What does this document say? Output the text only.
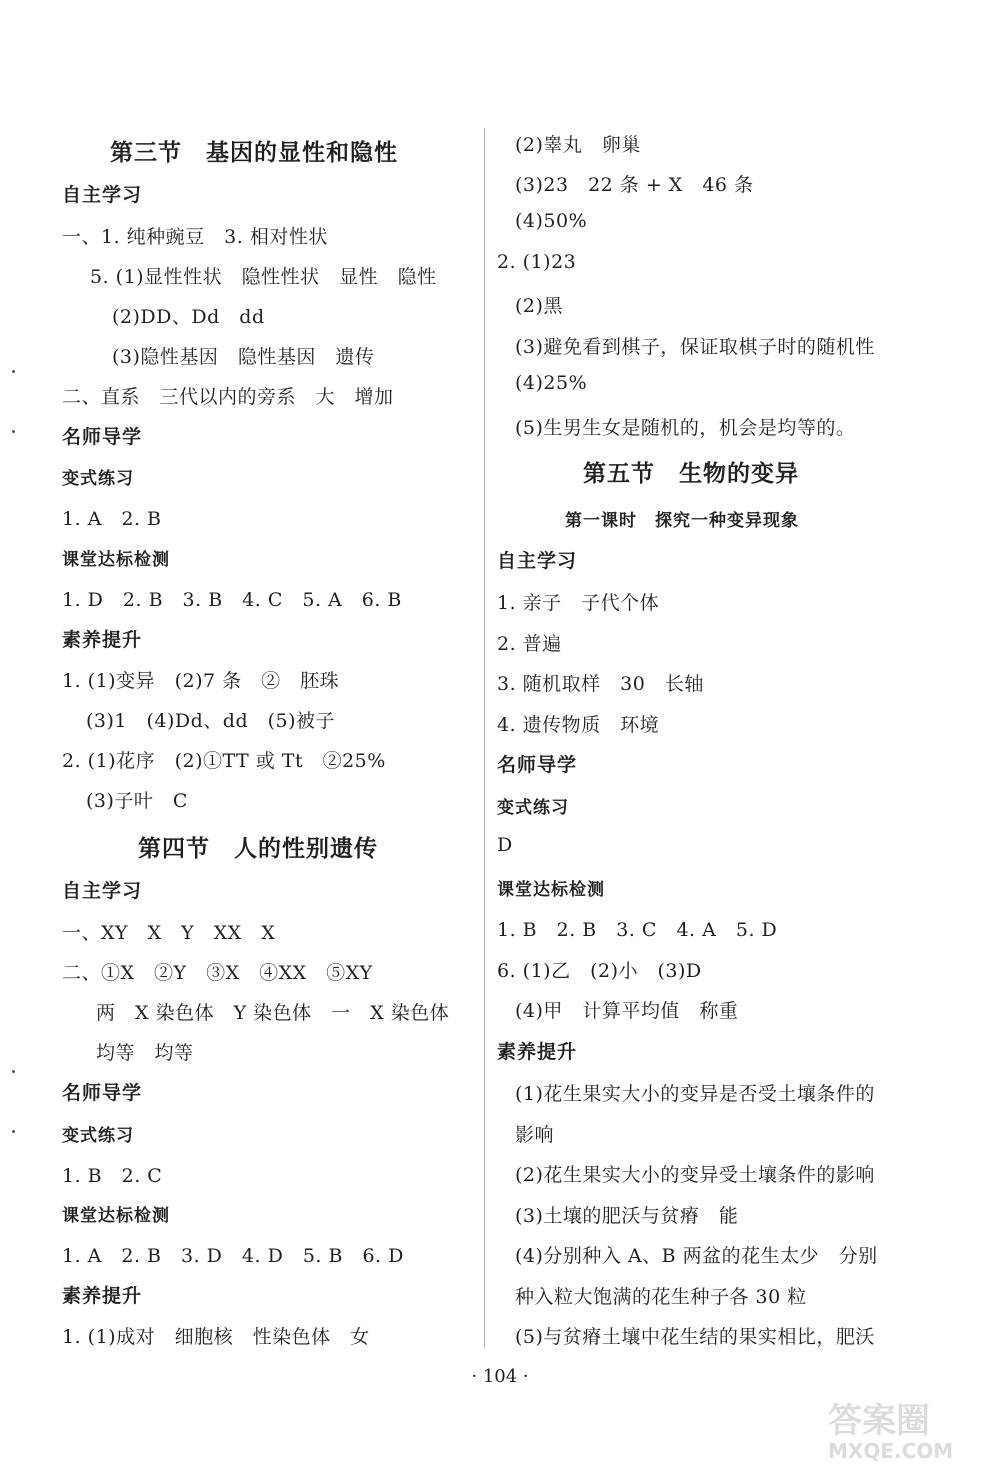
第三节　基因的显性和隐性
自主学习
一、1. 纯种豌豆　3. 相对性状
5. (1)显性性状　隐性性状　显性　隐性
(2)DD、Dd　dd
(3)隐性基因　隐性基因　遗传
二、直系　三代以内的旁系　大　增加
名师导学
变式练习
1. A　2. B
课堂达标检测
1. D　2. B　3. B　4. C　5. A　6. B
素养提升
1. (1)变异　(2)7 条　②　胚珠
(3)1　(4)Dd、dd　(5)被子
2. (1)花序　(2)①TT 或 Tt　②25%
(3)子叶　C
第四节　人的性别遗传
自主学习
一、XY　X　Y　XX　X
二、①X　②Y　③X　④XX　⑤XY
两　X 染色体　Y 染色体　一　X 染色体
均等　均等
名师导学
变式练习
1. B　2. C
课堂达标检测
1. A　2. B　3. D　4. D　5. B　6. D
素养提升
1. (1)成对　细胞核　性染色体　女
(2)睾丸　卵巢
(3)23　22 条 + X　46 条
(4)50%
2. (1)23
(2)黑
(3)避免看到棋子，保证取棋子时的随机性
(4)25%
(5)生男生女是随机的，机会是均等的。
第五节　生物的变异
第一课时　探究一种变异现象
自主学习
1. 亲子　子代个体
2. 普遍
3. 随机取样　30　长轴
4. 遗传物质　环境
名师导学
变式练习
D
课堂达标检测
1. B　2. B　3. C　4. A　5. D
6. (1)乙　(2)小　(3)D
(4)甲　计算平均值　称重
素养提升
(1)花生果实大小的变异是否受土壤条件的
影响
(2)花生果实大小的变异受土壤条件的影响
(3)土壤的肥沃与贫瘠　能
(4)分别种入 A、B 两盆的花生太少　分别
种入粒大饱满的花生种子各 30 粒
(5)与贫瘠土壤中花生结的果实相比，肥沃
· 104 ·
答案圈
MXQE.COM
